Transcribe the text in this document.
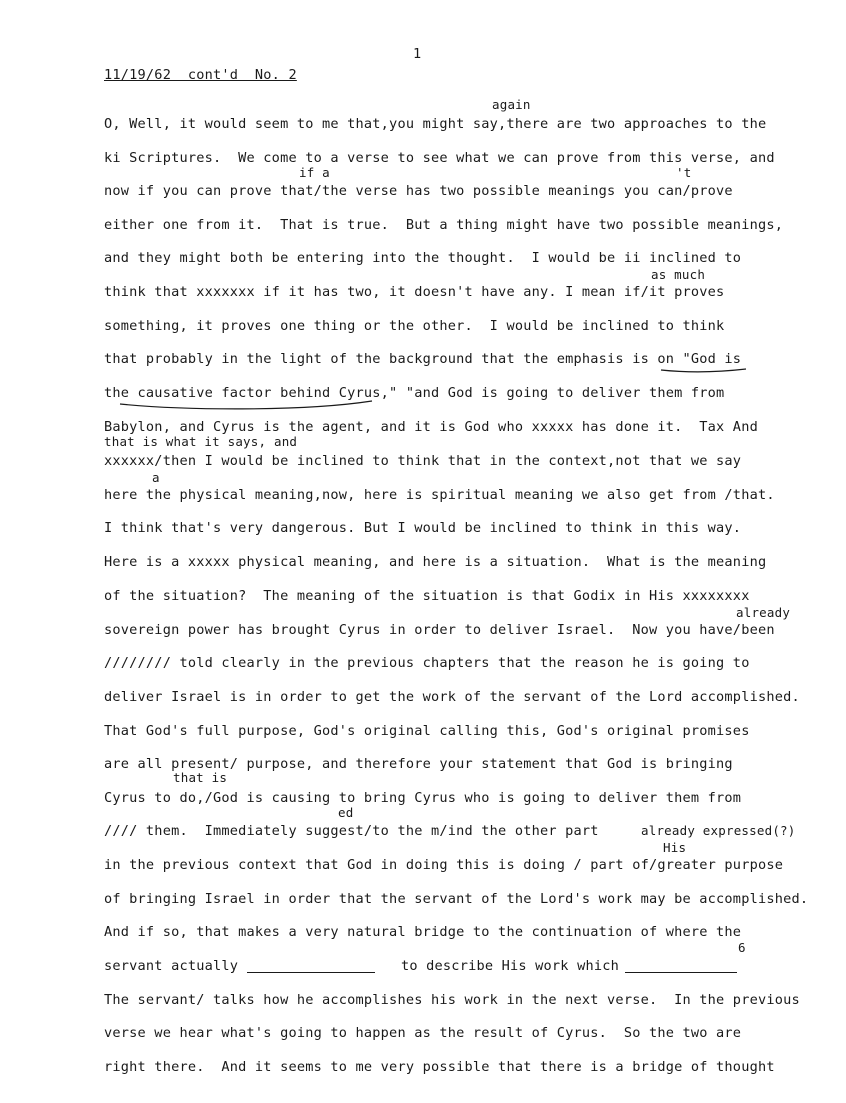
1
11/19/62  cont'd  No. 2
again
if a	't
as much
that is what it says, and
a
already
that is
ed
already expressed(?)
His
6
O, Well, it would seem to me that,you might say,there are two approaches to the
ki Scriptures.  We come to a verse to see what we can prove from this verse, and
now if you can prove that/the verse has two possible meanings you can/prove
either one from it.  That is true.  But a thing might have two possible meanings,
and they might both be entering into the thought.  I would be ii inclined to
think that xxxxxxx if it has two, it doesn't have any. I mean if/it proves
something, it proves one thing or the other.  I would be inclined to think
that probably in the light of the background that the emphasis is on "God is
the causative factor behind Cyrus," "and God is going to deliver them from
Babylon, and Cyrus is the agent, and it is God who xxxxx has done it.  Tax And
xxxxxx/then I would be inclined to think that in the context,not that we say
here the physical meaning,now, here is spiritual meaning we also get from /that.
I think that's very dangerous. But I would be inclined to think in this way.
Here is a xxxxx physical meaning, and here is a situation.  What is the meaning
of the situation?  The meaning of the situation is that Godix in His xxxxxxxx
sovereign power has brought Cyrus in order to deliver Israel.  Now you have/been
//////// told clearly in the previous chapters that the reason he is going to
deliver Israel is in order to get the work of the servant of the Lord accomplished.
That God's full purpose, God's original calling this, God's original promises
are all present/ purpose, and therefore your statement that God is bringing
Cyrus to do,/God is causing to bring Cyrus who is going to deliver them from
//// them.  Immediately suggest/to the m/ind the other part
in the previous context that God in doing this is doing / part of/greater purpose
of bringing Israel in order that the servant of the Lord's work may be accomplished.
And if so, that makes a very natural bridge to the continuation of where the
servant actually	to describe His work which
The servant/ talks how he accomplishes his work in the next verse.  In the previous
verse we hear what's going to happen as the result of Cyrus.  So the two are
right there.  And it seems to me very possible that there is a bridge of thought
